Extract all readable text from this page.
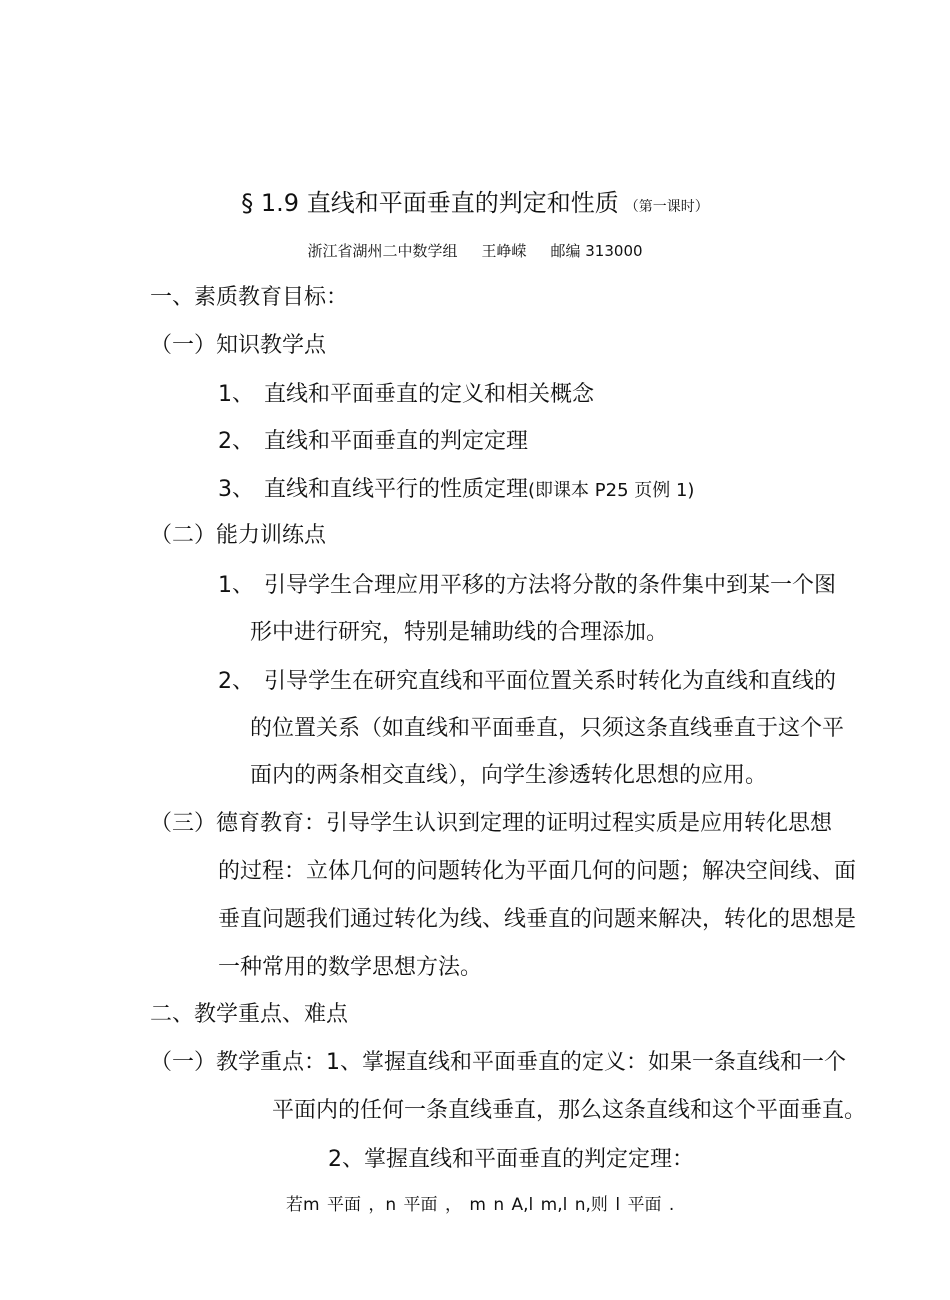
§ 1.9 直线和平面垂直的判定和性质 （第一课时）
浙江省湖州二中数学组 王峥嵘 邮编 313000
一、素质教育目标：
（一）知识教学点
1、 直线和平面垂直的定义和相关概念
2、 直线和平面垂直的判定定理
3、 直线和直线平行的性质定理(即课本 P25 页例 1)
（二）能力训练点
1、 引导学生合理应用平移的方法将分散的条件集中到某一个图
形中进行研究，特别是辅助线的合理添加。
2、 引导学生在研究直线和平面位置关系时转化为直线和直线的
的位置关系（如直线和平面垂直，只须这条直线垂直于这个平
面内的两条相交直线），向学生渗透转化思想的应用。
（三）德育教育：引导学生认识到定理的证明过程实质是应用转化思想
的过程：立体几何的问题转化为平面几何的问题；解决空间线、面
垂直问题我们通过转化为线、线垂直的问题来解决，转化的思想是
一种常用的数学思想方法。
二、教学重点、难点
（一）教学重点：1、掌握直线和平面垂直的定义：如果一条直线和一个
平面内的任何一条直线垂直，那么这条直线和这个平面垂直。
2、掌握直线和平面垂直的判定定理：
若m 平面 ，n 平面 ， m n A,l m,l n,则 l 平面 .
